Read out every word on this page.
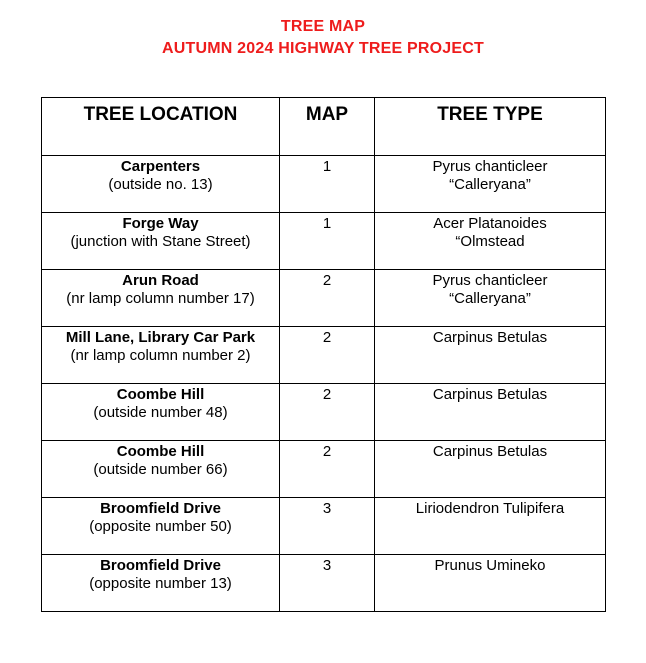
TREE MAP
AUTUMN 2024 HIGHWAY TREE PROJECT
TREE LOCATION	MAP	TREE TYPE

Carpenters
(outside no. 13)	1	Pyrus chanticleer
“Calleryana”

Forge Way
(junction with Stane Street)	1	Acer Platanoides
“Olmstead

Arun Road
(nr lamp column number 17)	2	Pyrus chanticleer
“Calleryana”

Mill Lane, Library Car Park
(nr lamp column number 2)	2	Carpinus Betulas

Coombe Hill
(outside number 48)	2	Carpinus Betulas

Coombe Hill
(outside number 66)	2	Carpinus Betulas

Broomfield Drive
(opposite number 50)	3	Liriodendron Tulipifera

Broomfield Drive
(opposite number 13)	3	Prunus Umineko
